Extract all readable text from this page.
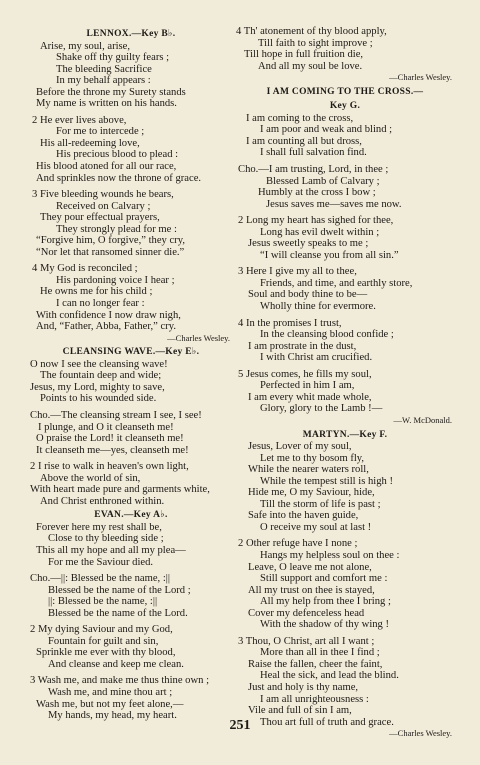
LENNOX.—Key B♭.
Arise, my soul, arise,
Shake off thy guilty fears ;
The bleeding Sacrifice
In my behalf appears :
Before the throne my Surety stands
My name is written on his hands.
2 He ever lives above,
For me to intercede ;
His all-redeeming love,
His precious blood to plead :
His blood atoned for all our race,
And sprinkles now the throne of grace.
3 Five bleeding wounds he bears,
Received on Calvary ;
They pour effectual prayers,
They strongly plead for me :
“Forgive him, O forgive,” they cry,
“Nor let that ransomed sinner die.”
4 My God is reconciled ;
His pardoning voice I hear ;
He owns me for his child ;
I can no longer fear :
With confidence I now draw nigh,
And, “Father, Abba, Father,” cry.
—Charles Wesley.
CLEANSING WAVE.—Key E♭.
O now I see the cleansing wave!
The fountain deep and wide;
Jesus, my Lord, mighty to save,
Points to his wounded side.
Cho.—The cleansing stream I see, I see!
I plunge, and O it cleanseth me!
O praise the Lord! it cleanseth me!
It cleanseth me—yes, cleanseth me!
2 I rise to walk in heaven's own light,
Above the world of sin,
With heart made pure and garments white,
And Christ enthroned within.
EVAN.—Key A♭.
Forever here my rest shall be,
Close to thy bleeding side ;
This all my hope and all my plea—
For me the Saviour died.
Cho.—||: Blessed be the name, :||
Blessed be the name of the Lord ;
||: Blessed be the name, :||
Blessed be the name of the Lord.
2 My dying Saviour and my God,
Fountain for guilt and sin,
Sprinkle me ever with thy blood,
And cleanse and keep me clean.
3 Wash me, and make me thus thine own ;
Wash me, and mine thou art ;
Wash me, but not my feet alone,—
My hands, my head, my heart.
4 Th' atonement of thy blood apply,
Till faith to sight improve ;
Till hope in full fruition die,
And all my soul be love.
—Charles Wesley.
I AM COMING TO THE CROSS.—
Key G.
I am coming to the cross,
I am poor and weak and blind ;
I am counting all but dross,
I shall full salvation find.
Cho.—I am trusting, Lord, in thee ;
Blessed Lamb of Calvary ;
Humbly at the cross I bow ;
Jesus saves me—saves me now.
2 Long my heart has sighed for thee,
Long has evil dwelt within ;
Jesus sweetly speaks to me ;
“I will cleanse you from all sin.”
3 Here I give my all to thee,
Friends, and time, and earthly store,
Soul and body thine to be—
Wholly thine for evermore.
4 In the promises I trust,
In the cleansing blood confide ;
I am prostrate in the dust,
I with Christ am crucified.
5 Jesus comes, he fills my soul,
Perfected in him I am,
I am every whit made whole,
Glory, glory to the Lamb !—
—W. McDonald.
MARTYN.—Key F.
Jesus, Lover of my soul,
Let me to thy bosom fly,
While the nearer waters roll,
While the tempest still is high !
Hide me, O my Saviour, hide,
Till the storm of life is past ;
Safe into the haven guide,
O receive my soul at last !
2 Other refuge have I none ;
Hangs my helpless soul on thee :
Leave, O leave me not alone,
Still support and comfort me :
All my trust on thee is stayed,
All my help from thee I bring ;
Cover my defenceless head
With the shadow of thy wing !
3 Thou, O Christ, art all I want ;
More than all in thee I find ;
Raise the fallen, cheer the faint,
Heal the sick, and lead the blind.
Just and holy is thy name,
I am all unrighteousness :
Vile and full of sin I am,
Thou art full of truth and grace.
—Charles Wesley.
251
